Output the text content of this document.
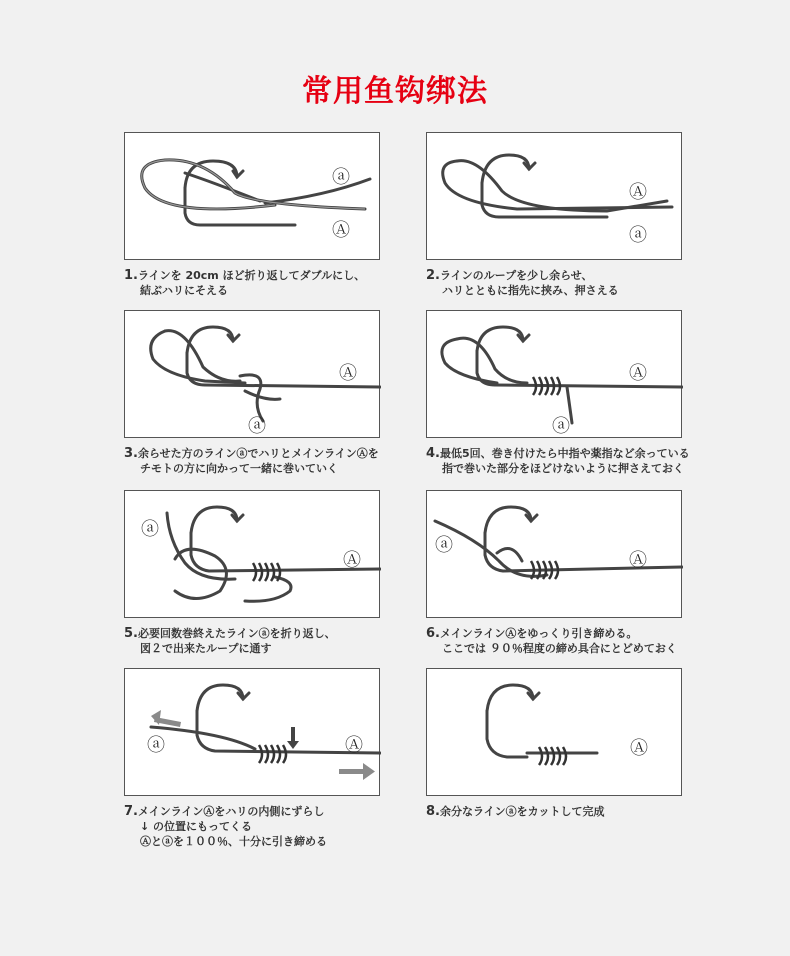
常用鱼钩绑法
ⓐ
Ⓐ
1.ラインを 20cm ほど折り返してダブルにし、
結ぶハリにそえる
Ⓐ
ⓐ
2.ラインのループを少し余らせ、
ハリとともに指先に挟み、押さえる
Ⓐ
ⓐ
3.余らせた方のラインⓐでハリとメインラインⒶを
チモトの方に向かって一緒に巻いていく
Ⓐ
ⓐ
4.最低5回、巻き付けたら中指や薬指など余っている
指で巻いた部分をほどけないように押さえておく
ⓐ
Ⓐ
5.必要回数巻終えたラインⓐを折り返し、
図２で出来たループに通す
ⓐ
Ⓐ
6.メインラインⒶをゆっくり引き締める。
ここでは ９０％程度の締め具合にとどめておく
ⓐ	Ⓐ
7.メインラインⒶをハリの内側にずらし
↓ の位置にもってくる
Ⓐとⓐを１００％、十分に引き締める
Ⓐ
8.余分なラインⓐをカットして完成
